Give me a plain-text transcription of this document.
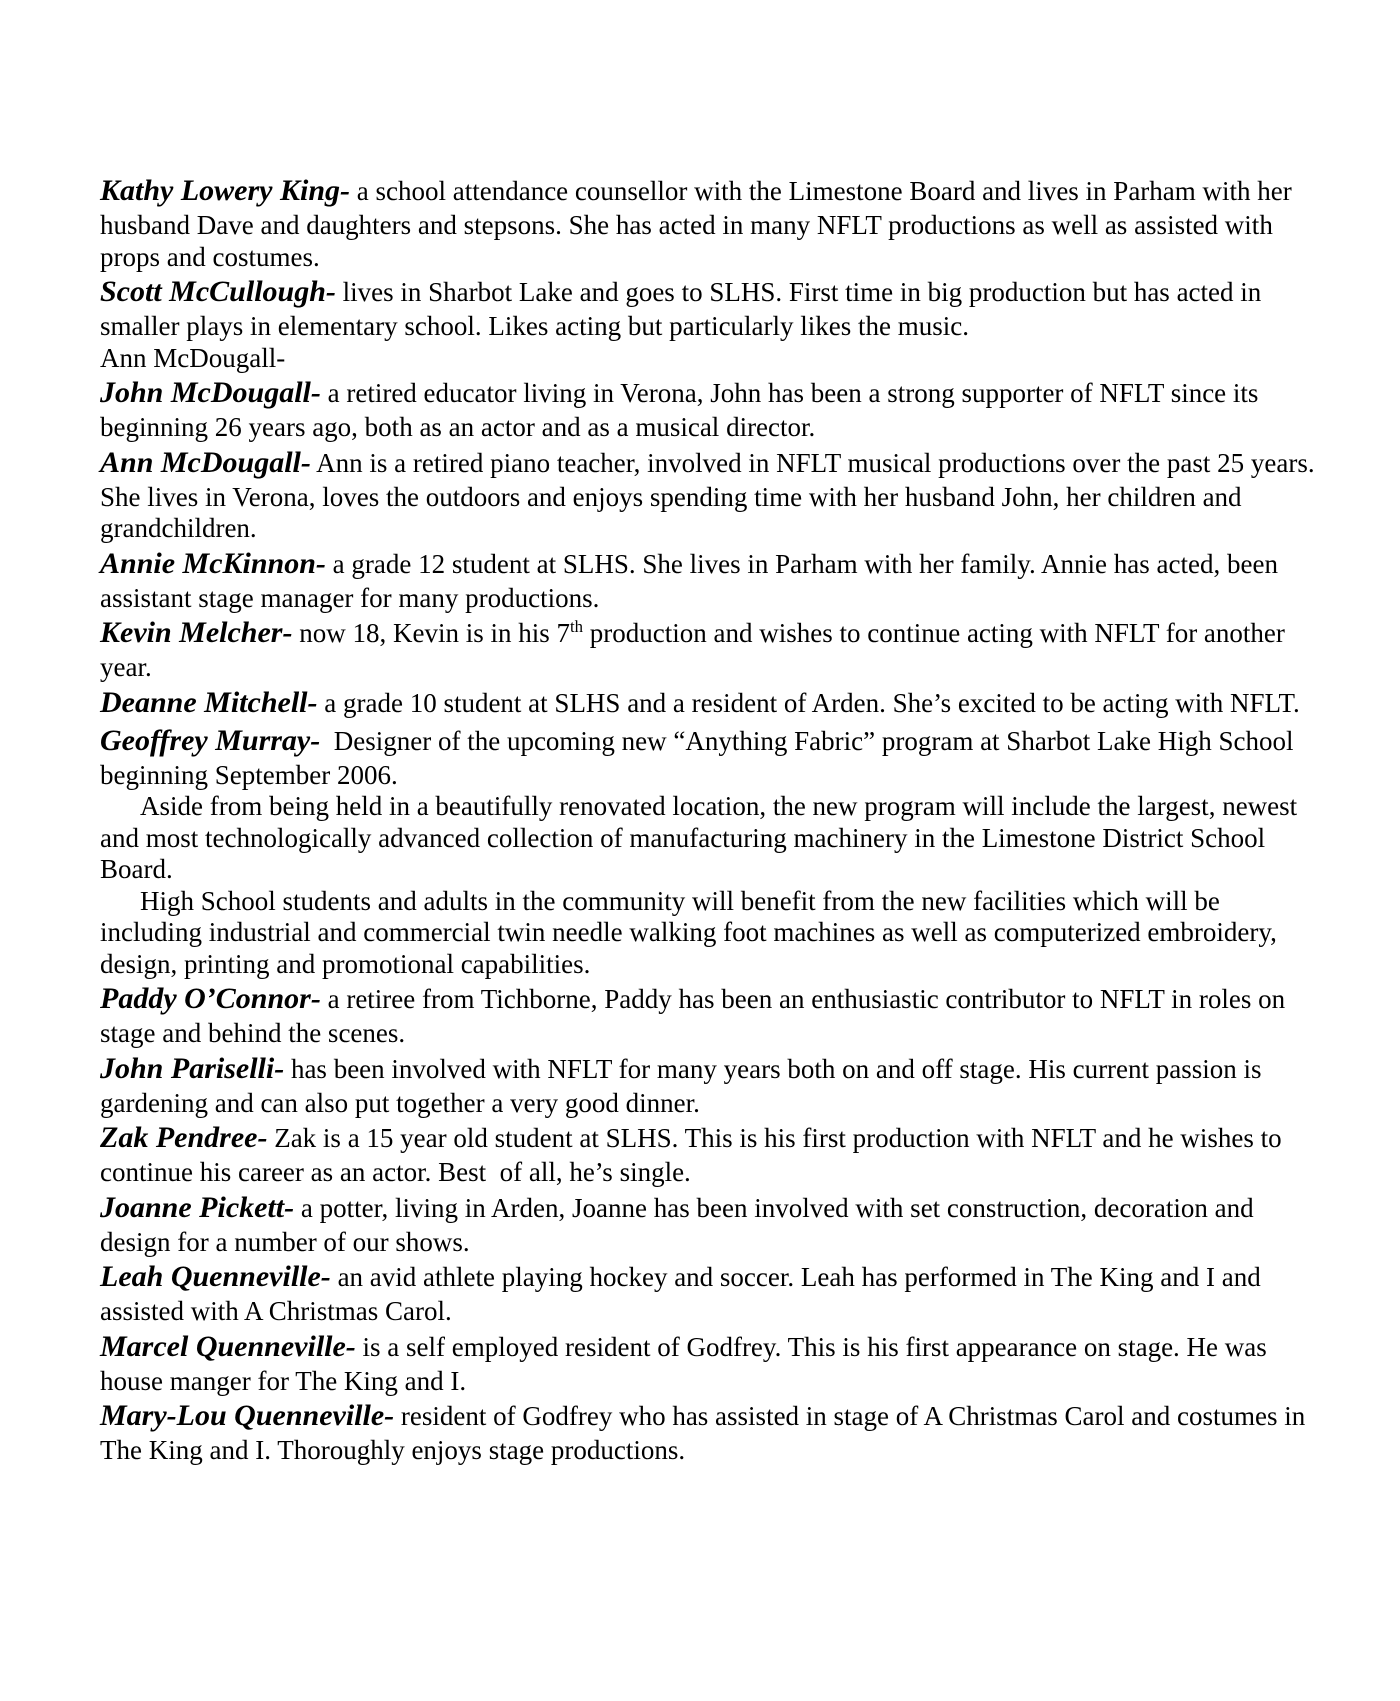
Kathy Lowery King- a school attendance counsellor with the Limestone Board and lives in Parham with her husband Dave and daughters and stepsons. She has acted in many NFLT productions as well as assisted with props and costumes.

Scott McCullough- lives in Sharbot Lake and goes to SLHS. First time in big production but has acted in smaller plays in elementary school. Likes acting but particularly likes the music.

Ann McDougall-

John McDougall- a retired educator living in Verona, John has been a strong supporter of NFLT since its beginning 26 years ago, both as an actor and as a musical director.

Ann McDougall- Ann is a retired piano teacher, involved in NFLT musical productions over the past 25 years. She lives in Verona, loves the outdoors and enjoys spending time with her husband John, her children and grandchildren.

Annie McKinnon- a grade 12 student at SLHS. She lives in Parham with her family. Annie has acted, been assistant stage manager for many productions.

Kevin Melcher- now 18, Kevin is in his 7th production and wishes to continue acting with NFLT for another year.

Deanne Mitchell- a grade 10 student at SLHS and a resident of Arden. She’s excited to be acting with NFLT.

Geoffrey Murray-  Designer of the upcoming new “Anything Fabric” program at Sharbot Lake High School beginning September 2006.

Aside from being held in a beautifully renovated location, the new program will include the largest, newest and most technologically advanced collection of manufacturing machinery in the Limestone District School Board.

High School students and adults in the community will benefit from the new facilities which will be including industrial and commercial twin needle walking foot machines as well as computerized embroidery, design, printing and promotional capabilities.

Paddy O’Connor- a retiree from Tichborne, Paddy has been an enthusiastic contributor to NFLT in roles on stage and behind the scenes.

John Pariselli- has been involved with NFLT for many years both on and off stage. His current passion is gardening and can also put together a very good dinner.

Zak Pendree- Zak is a 15 year old student at SLHS. This is his first production with NFLT and he wishes to continue his career as an actor. Best  of all, he’s single.

Joanne Pickett- a potter, living in Arden, Joanne has been involved with set construction, decoration and design for a number of our shows.

Leah Quenneville- an avid athlete playing hockey and soccer. Leah has performed in The King and I and assisted with A Christmas Carol.

Marcel Quenneville- is a self employed resident of Godfrey. This is his first appearance on stage. He was house manger for The King and I.

Mary-Lou Quenneville- resident of Godfrey who has assisted in stage of A Christmas Carol and costumes in The King and I. Thoroughly enjoys stage productions.
